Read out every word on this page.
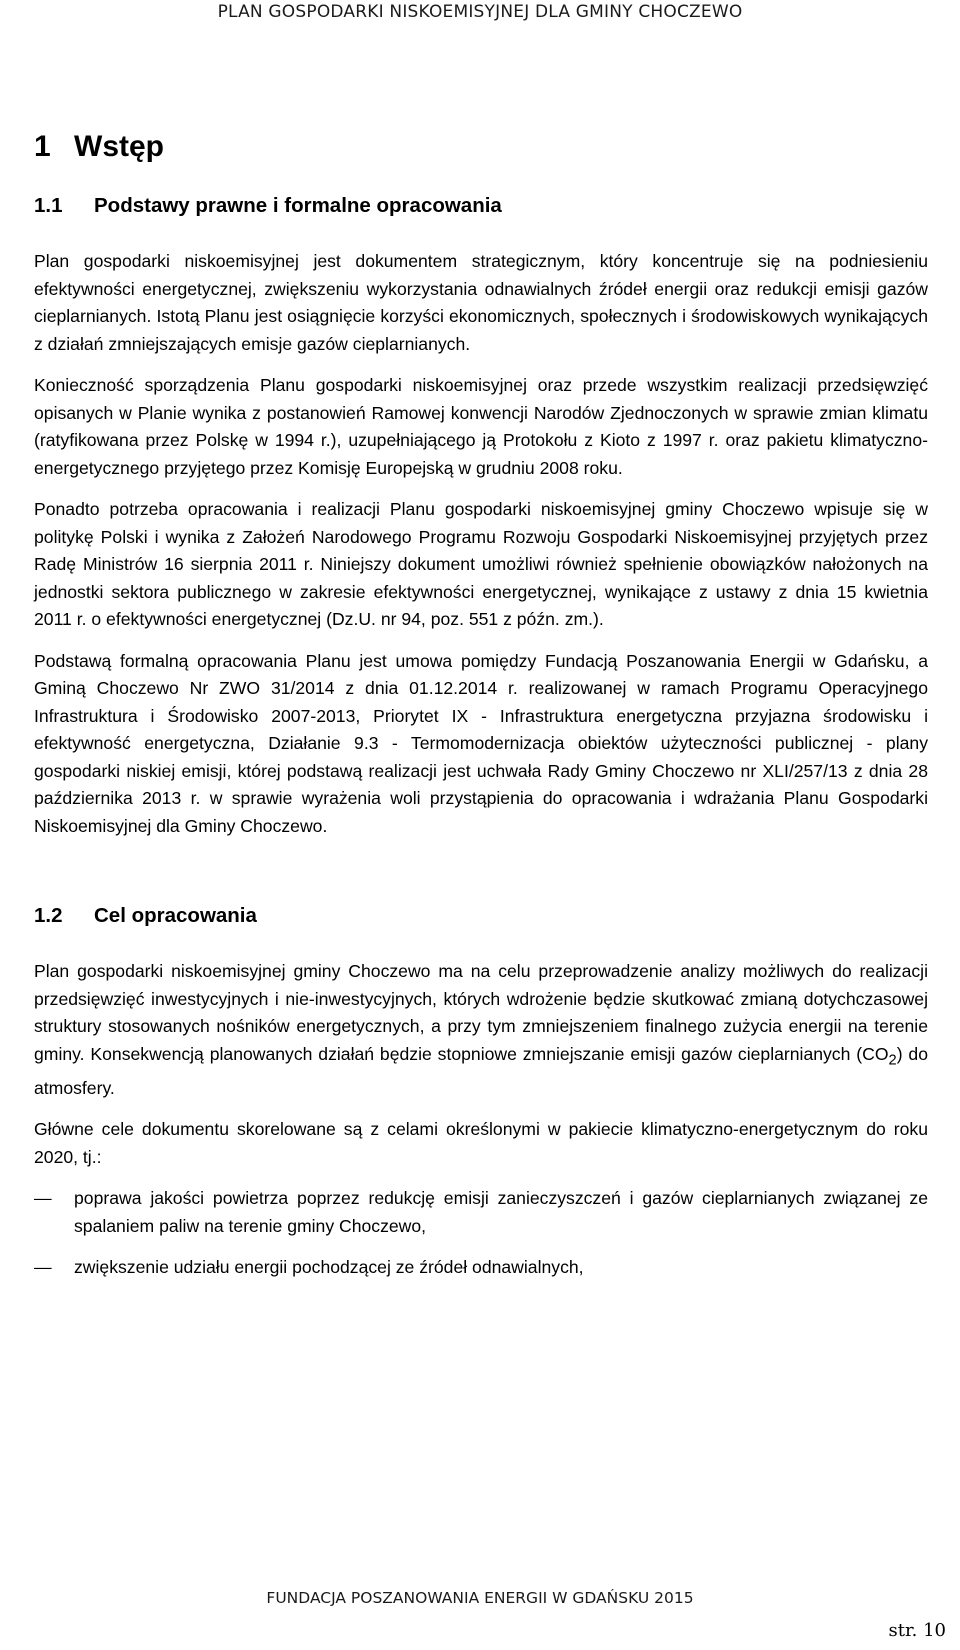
PLAN GOSPODARKI NISKOEMISYJNEJ DLA GMINY CHOCZEWO
1 Wstęp
1.1 Podstawy prawne i formalne opracowania

Plan gospodarki niskoemisyjnej jest dokumentem strategicznym, który koncentruje się na podniesieniu efektywności energetycznej, zwiększeniu wykorzystania odnawialnych źródeł energii oraz redukcji emisji gazów cieplarnianych. Istotą Planu jest osiągnięcie korzyści ekonomicznych, społecznych i środowiskowych wynikających z działań zmniejszających emisje gazów cieplarnianych.

Konieczność sporządzenia Planu gospodarki niskoemisyjnej oraz przede wszystkim realizacji przedsięwzięć opisanych w Planie wynika z postanowień Ramowej konwencji Narodów Zjednoczonych w sprawie zmian klimatu (ratyfikowana przez Polskę w 1994 r.), uzupełniającego ją Protokołu z Kioto z 1997 r. oraz pakietu klimatyczno-energetycznego przyjętego przez Komisję Europejską w grudniu 2008 roku.

Ponadto potrzeba opracowania i realizacji Planu gospodarki niskoemisyjnej gminy Choczewo wpisuje się w politykę Polski i wynika z Założeń Narodowego Programu Rozwoju Gospodarki Niskoemisyjnej przyjętych przez Radę Ministrów 16 sierpnia 2011 r. Niniejszy dokument umożliwi również spełnienie obowiązków nałożonych na jednostki sektora publicznego w zakresie efektywności energetycznej, wynikające z ustawy z dnia 15 kwietnia 2011 r. o efektywności energetycznej (Dz.U. nr 94, poz. 551 z późn. zm.).

Podstawą formalną opracowania Planu jest umowa pomiędzy Fundacją Poszanowania Energii w Gdańsku, a Gminą Choczewo Nr ZWO 31/2014 z dnia 01.12.2014 r. realizowanej w ramach Programu Operacyjnego Infrastruktura i Środowisko 2007-2013, Priorytet IX - Infrastruktura energetyczna przyjazna środowisku i efektywność energetyczna, Działanie 9.3 - Termomodernizacja obiektów użyteczności publicznej - plany gospodarki niskiej emisji, której podstawą realizacji jest uchwała Rady Gminy Choczewo nr XLI/257/13 z dnia 28 października 2013 r. w sprawie wyrażenia woli przystąpienia do opracowania i wdrażania Planu Gospodarki Niskoemisyjnej dla Gminy Choczewo.

1.2 Cel opracowania

Plan gospodarki niskoemisyjnej gminy Choczewo ma na celu przeprowadzenie analizy możliwych do realizacji przedsięwzięć inwestycyjnych i nie-inwestycyjnych, których wdrożenie będzie skutkować zmianą dotychczasowej struktury stosowanych nośników energetycznych, a przy tym zmniejszeniem finalnego zużycia energii na terenie gminy. Konsekwencją planowanych działań będzie stopniowe zmniejszanie emisji gazów cieplarnianych $(CO_2)$ do atmosfery.

Główne cele dokumentu skorelowane są z celami określonymi w pakiecie klimatyczno-energetycznym do roku 2020, tj.:

— poprawa jakości powietrza poprzez redukcję emisji zanieczyszczeń i gazów cieplarnianych związanej ze spalaniem paliw na terenie gminy Choczewo,
— zwiększenie udziału energii pochodzącej ze źródeł odnawialnych,
FUNDACJA POSZANOWANIA ENERGII W GDAŃSKU 2015
str. 10
